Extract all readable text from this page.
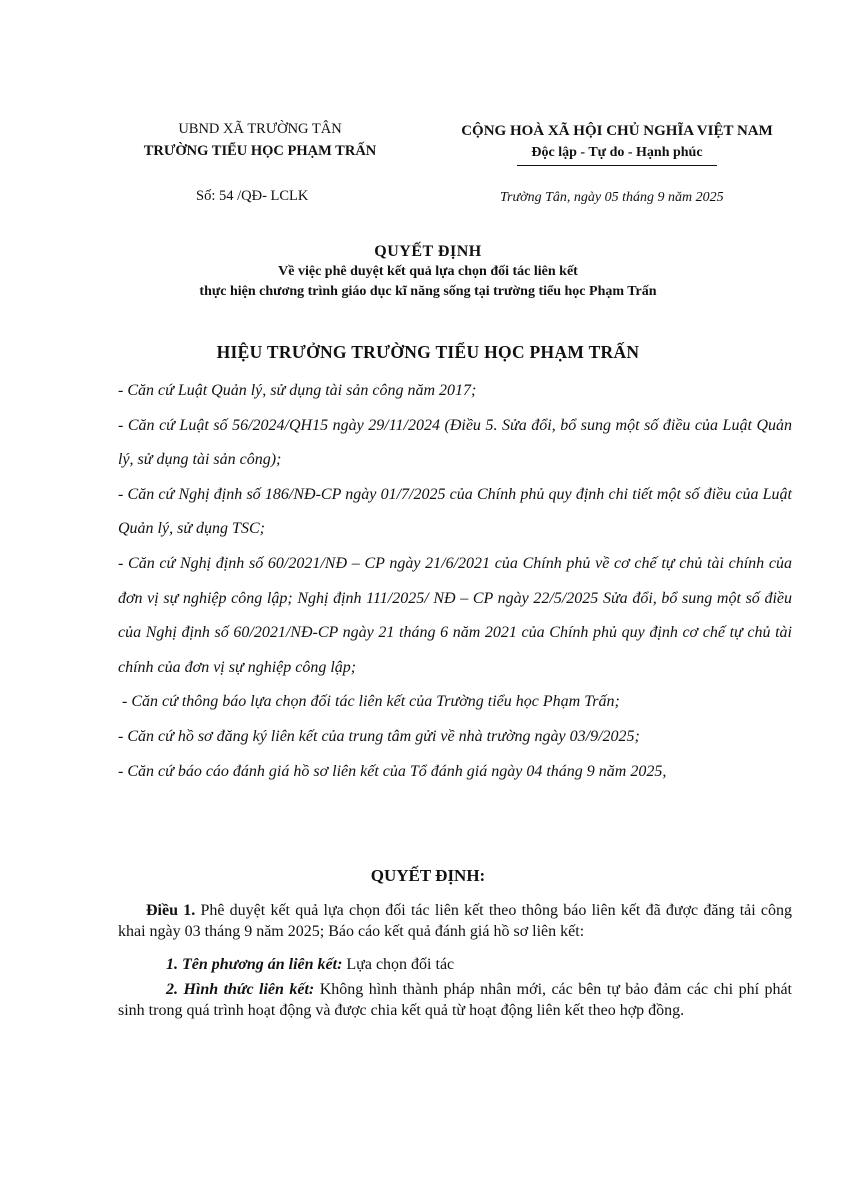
UBND XÃ TRƯỜNG TÂN
TRƯỜNG TIỂU HỌC PHẠM TRẤN
CỘNG HOÀ XÃ HỘI CHỦ NGHĨA VIỆT NAM
Độc lập - Tự do - Hạnh phúc
Số: 54 /QĐ- LCLK	Trường Tân, ngày 05 tháng 9 năm 2025
QUYẾT ĐỊNH
Về việc phê duyệt kết quả lựa chọn đối tác liên kết
thực hiện chương trình giáo dục kĩ năng sống tại trường tiểu học Phạm Trấn
HIỆU TRƯỞNG TRƯỜNG TIỂU HỌC PHẠM TRẤN

- Căn cứ Luật Quản lý, sử dụng tài sản công năm 2017;

- Căn cứ Luật số 56/2024/QH15 ngày 29/11/2024 (Điều 5. Sửa đổi, bổ sung một số điều của Luật Quản lý, sử dụng tài sản công);

- Căn cứ Nghị định số 186/NĐ-CP ngày 01/7/2025 của Chính phủ quy định chi tiết một số điều của Luật Quản lý, sử dụng TSC;

- Căn cứ Nghị định số 60/2021/NĐ – CP ngày 21/6/2021 của Chính phủ về cơ chế tự chủ tài chính của đơn vị sự nghiệp công lập; Nghị định 111/2025/ NĐ – CP ngày 22/5/2025 Sửa đổi, bổ sung một số điều của Nghị định số 60/2021/NĐ-CP ngày 21 tháng 6 năm 2021 của Chính phủ quy định cơ chế tự chủ tài chính của đơn vị sự nghiệp công lập;

- Căn cứ thông báo lựa chọn đối tác liên kết của Trường tiểu học Phạm Trấn;

- Căn cứ hồ sơ đăng ký liên kết của trung tâm gửi về nhà trường ngày 03/9/2025;

- Căn cứ báo cáo đánh giá hồ sơ liên kết của Tổ đánh giá ngày 04 tháng 9 năm 2025,

QUYẾT ĐỊNH:

Điều 1. Phê duyệt kết quả lựa chọn đối tác liên kết theo thông báo liên kết đã được đăng tải công khai ngày 03 tháng 9 năm 2025; Báo cáo kết quả đánh giá hồ sơ liên kết:

1. Tên phương án liên kết: Lựa chọn đối tác

2. Hình thức liên kết: Không hình thành pháp nhân mới, các bên tự bảo đảm các chi phí phát sinh trong quá trình hoạt động và được chia kết quả từ hoạt động liên kết theo hợp đồng.
